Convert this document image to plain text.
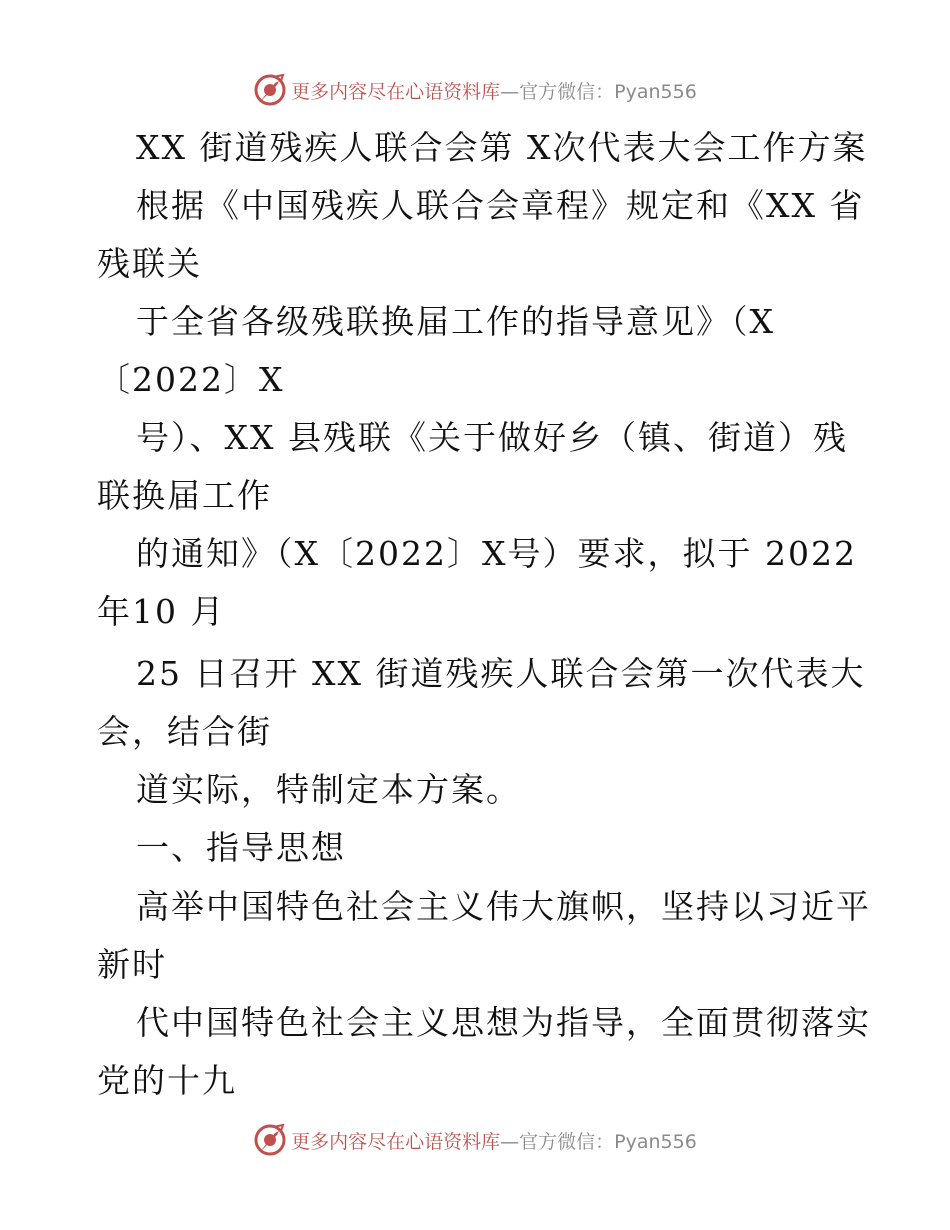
更多内容尽在心语资料库—官方微信：Pyan556
XX 街道残疾人联合会第 X次代表大会工作方案
根据《中国残疾人联合会章程》规定和《XX 省
残联关
于全省各级残联换届工作的指导意见》（X
〔2022〕X
号）、XX 县残联《关于做好乡（镇、街道）残
联换届工作
的通知》（X〔2022〕X号）要求，拟于 2022
年10 月
25 日召开 XX 街道残疾人联合会第一次代表大
会，结合街
道实际，特制定本方案。
一、指导思想
高举中国特色社会主义伟大旗帜，坚持以习近平
新时
代中国特色社会主义思想为指导，全面贯彻落实
党的十九
更多内容尽在心语资料库—官方微信：Pyan556
